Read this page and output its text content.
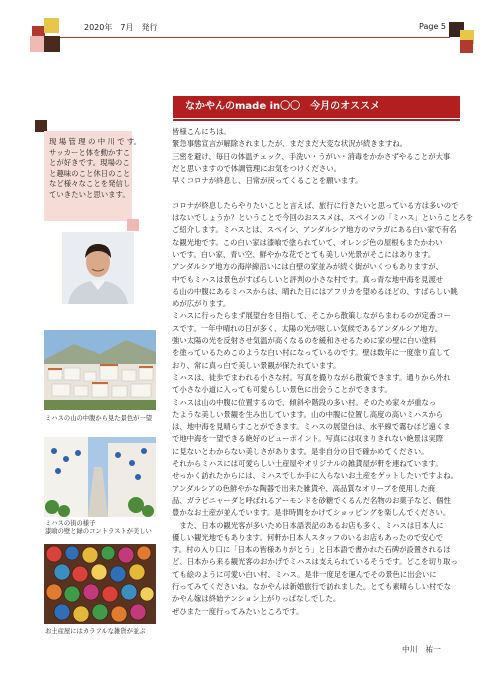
2020年　7月　発行	Page 5
现 場 管 理 の 中 川 で す。
サッカーと体を動かすこ
とが好きです。現場のこ
と趣味のこと休日のこと
など様々なことを発信し
ていきたいと思います。
ミハスの山の中腹から見た景色が一望
ミハスの街の様子
漆喰の壁と緑のコントラストが美しい
お土産屋にはカラフルな雑貨が並ぶ
なかやんのmade in〇〇　今月のオススメ
皆様こんにちは。
緊急事態宣言が解除されましたが、まだまだ大変な状況が続きますね。
三密を避け、毎日の体温チェック、手洗い・うがい・消毒をかかさずやることが大事
だと思いますので体調管理にお気をつけください。
早くコロナが終息し、日常が戻ってくることを願います。
コロナが終息したらやりたいことと言えば、旅行に行きたいと思っている方は多いので
はないでしょうか？ということで今回のおススメは、スペインの「ミハス」ということろを
ご紹介します。ミハスとは、スペイン、アンダルシア地方のマラガにある白い家で有名
な観光地です。この白い家は漆喰で塗られていて、オレンジ色の屋根もまたかわい
いです。白い家、青い空、鮮やかな花でとても美しい光景がそこにはあります。
アンダルシア地方の海岸線沿いには白壁の家並みが続く街がいくつもありますが、
中でもミハスは景色がすばらしいと評判の小さな村です。真っ青な地中海を見渡せ
る山の中腹にあるミハスからは、晴れた日にはアフリカを望めるほどの、すばらしい眺
めが広がります。
ミハスに行ったらまず展望台を目指して、そこから散策しながらまわるのが定番コー
スです。一年中晴れの日が多く、太陽の光が眩しい気候であるアンダルシア地方。
強い太陽の光を反射させ気温が高くなるのを緩和させるために家の壁に白い塗料
を塗っているためこのような白い村になっているのです。壁は数年に一度塗り直して
おり、常に真っ白で美しい景観が保たれています。
ミハスは、徒歩でまわれる小さな村。写真を撮りながら散策できます。通りから外れ
て小さな小道に入っても可愛らしい景色に出会うことができます。
ミハスは山の中腹に位置するので、傾斜や階段の多い村。そのため家々が重なっ
たような美しい景観を生み出しています。山の中腹に位置し高度の高いミハスから
は、地中海を見晴らすことができます。ミハスの展望台は、水平線で霧むほど遠くま
で地中海を一望できる絶好のビューポイント。写真には収まりきれない絶景は実際
に見ないとわからない美しさがあります。是非自分の目で確かめてください。
それからミハスには可愛らしい土産屋やオリジナルの雑貨屋が軒を連ねています。
せっかく訪れたからには、ミハスでしか手に入らないお土産をゲットしたいですよね。
アンダルシアの色鮮やかな陶器で出来た雑貨や、高品質なオリーブを使用した商
品、ガラピニャーダと呼ばれるアーモンドを砂糖でくるんだ名物のお菓子など、個性
豊かなお土産が並んでいます。是非時間をかけてショッピングを楽しんでください。
　また、日本の観光客が多いため日本語表記のあるお店も多く、ミハスは日本人に
優しい観光地でもあります。何軒か日本人スタッフのいるお店もあったので安心で
す。村の入り口に「日本の皆様ありがとう」と日本語で書かれた石碑が設置されるほ
ど、日本から来る観光客のおかげでミハスは支えられているそうです。どこを切り取っ
ても絵のように可愛い白い村、ミハス。是非一度足を運んでその景色に出会いに
行ってみてくださいね。なかやんは新婚旅行で訪れました。とても素晴らしい村でな
かやん嫁は終始テンション上がりっぱなしでした。
ぜひまた一度行ってみたいところです。
中川　祐一
